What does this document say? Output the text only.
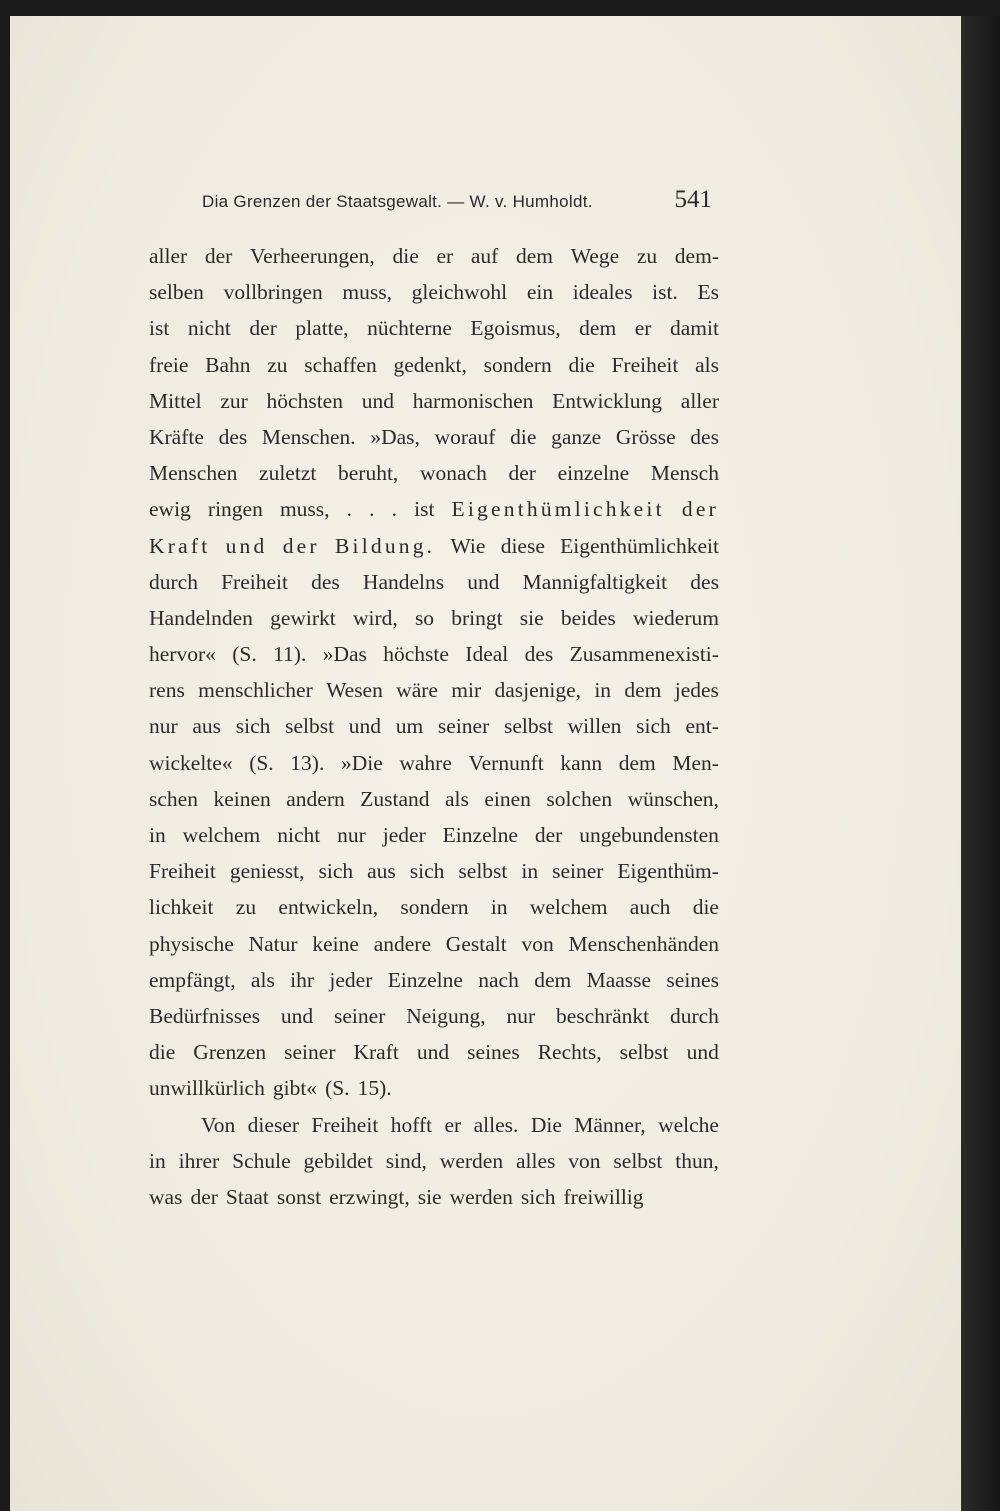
Dia Grenzen der Staatsgewalt. — W. v. Humholdt.	541
aller der Verheerungen, die er auf dem Wege zu dem-
selben vollbringen muss, gleichwohl ein ideales ist. Es
ist nicht der platte, nüchterne Egoismus, dem er damit
freie Bahn zu schaffen gedenkt, sondern die Freiheit als
Mittel zur höchsten und harmonischen Entwicklung aller
Kräfte des Menschen. »Das, worauf die ganze Grösse des
Menschen zuletzt beruht, wonach der einzelne Mensch
ewig ringen muss, . . . ist Eigenthümlichkeit der
Kraft und der Bildung. Wie diese Eigenthümlichkeit
durch Freiheit des Handelns und Mannigfaltigkeit des
Handelnden gewirkt wird, so bringt sie beides wiederum
hervor« (S. 11). »Das höchste Ideal des Zusammenexisti-
rens menschlicher Wesen wäre mir dasjenige, in dem jedes
nur aus sich selbst und um seiner selbst willen sich ent-
wickelte« (S. 13). »Die wahre Vernunft kann dem Men-
schen keinen andern Zustand als einen solchen wünschen,
in welchem nicht nur jeder Einzelne der ungebundensten
Freiheit geniesst, sich aus sich selbst in seiner Eigenthüm-
lichkeit zu entwickeln, sondern in welchem auch die
physische Natur keine andere Gestalt von Menschenhänden
empfängt, als ihr jeder Einzelne nach dem Maasse seines
Bedürfnisses und seiner Neigung, nur beschränkt durch
die Grenzen seiner Kraft und seines Rechts, selbst und
unwillkürlich gibt« (S. 15).
Von dieser Freiheit hofft er alles. Die Männer, welche
in ihrer Schule gebildet sind, werden alles von selbst thun,
was der Staat sonst erzwingt, sie werden sich freiwillig
